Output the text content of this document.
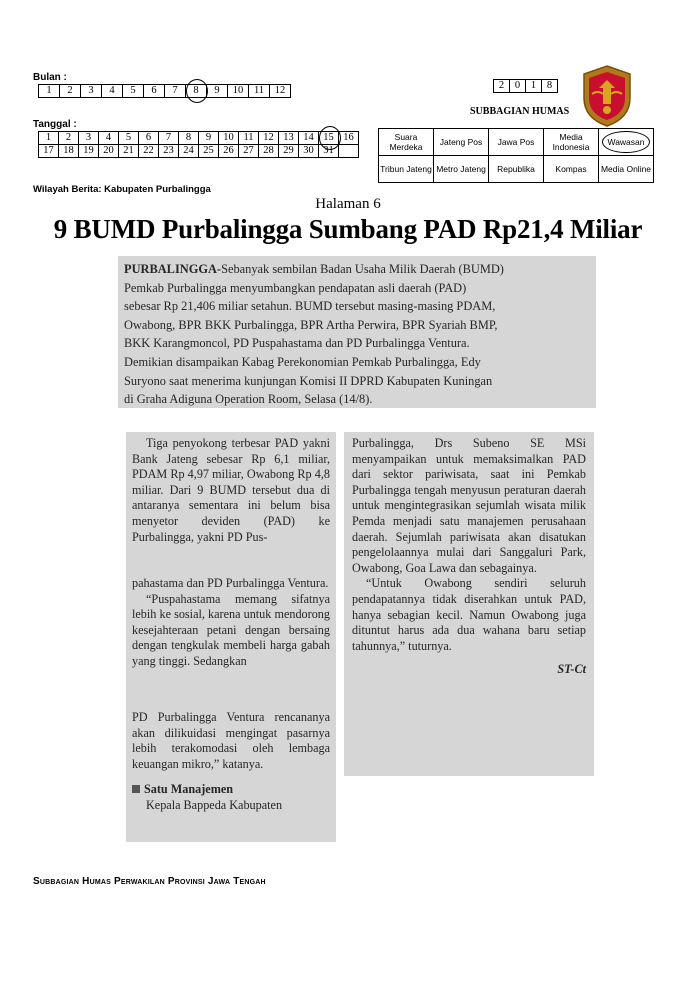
Bulan :
1	2	3	4	5	6	7	8	9	10	11	12
Tanggal :
1	2	3	4	5	6	7	8	9	10	11	12	13	14	15	16
17	18	19	20	21	22	23	24	25	26	27	28	29	30	31	
2	0	1	8
SUBBAGIAN HUMAS
Suara Merdeka	Jateng Pos	Jawa Pos	Media Indonesia	Wawasan
Tribun Jateng	Metro Jateng	Republika	Kompas	Media Online
Wilayah Berita: Kabupaten Purbalingga
Halaman 6
9 BUMD Purbalingga Sumbang PAD Rp21,4 Miliar

PURBALINGGA-Sebanyak sembilan Badan Usaha Milik Daerah (BUMD)

Pemkab Purbalingga menyumbangkan pendapatan asli daerah (PAD)

sebesar Rp 21,406 miliar setahun. BUMD tersebut masing-masing PDAM,

Owabong, BPR BKK Purbalingga, BPR Artha Perwira, BPR Syariah BMP,

BKK Karangmoncol, PD Puspahastama dan PD Purbalingga Ventura.

Demikian disampaikan Kabag Perekonomian Pemkab Purbalingga, Edy

Suryono saat menerima kunjungan Komisi II DPRD Kabupaten Kuningan

di Graha Adiguna Operation Room, Selasa (14/8).

Tiga penyokong terbesar PAD yakni Bank Jateng sebesar Rp 6,1 miliar, PDAM Rp 4,97 miliar, Owabong Rp 4,8 miliar. Dari 9 BUMD tersebut dua di antaranya sementara ini belum bisa menyetor deviden (PAD) ke Purbalingga, yakni PD Pus-

pahastama dan PD Purbalingga Ventura.

“Puspahastama memang sifatnya lebih ke sosial, karena untuk mendorong kesejahteraan petani dengan bersaing dengan tengkulak membeli harga gabah yang tinggi. Sedangkan

PD Purbalingga Ventura rencananya akan dilikuidasi mengingat pasarnya lebih terakomodasi oleh lembaga keuangan mikro,” katanya.

Satu Manajemen

Kepala Bappeda Kabupaten

Purbalingga, Drs Subeno SE MSi menyampaikan untuk memaksimalkan PAD dari sektor pariwisata, saat ini Pemkab Purbalingga tengah menyusun peraturan daerah untuk mengintegrasikan sejumlah wisata milik Pemda menjadi satu manajemen perusahaan daerah. Sejumlah pariwisata akan disatukan pengelolaannya mulai dari Sanggaluri Park, Owabong, Goa Lawa dan sebagainya.

“Untuk Owabong sendiri seluruh pendapatannya tidak diserahkan untuk PAD, hanya sebagian kecil. Namun Owabong juga dituntut harus ada dua wahana baru setiap tahunnya,” tuturnya.

ST-Ct

Subbagian Humas Perwakilan Provinsi Jawa Tengah
